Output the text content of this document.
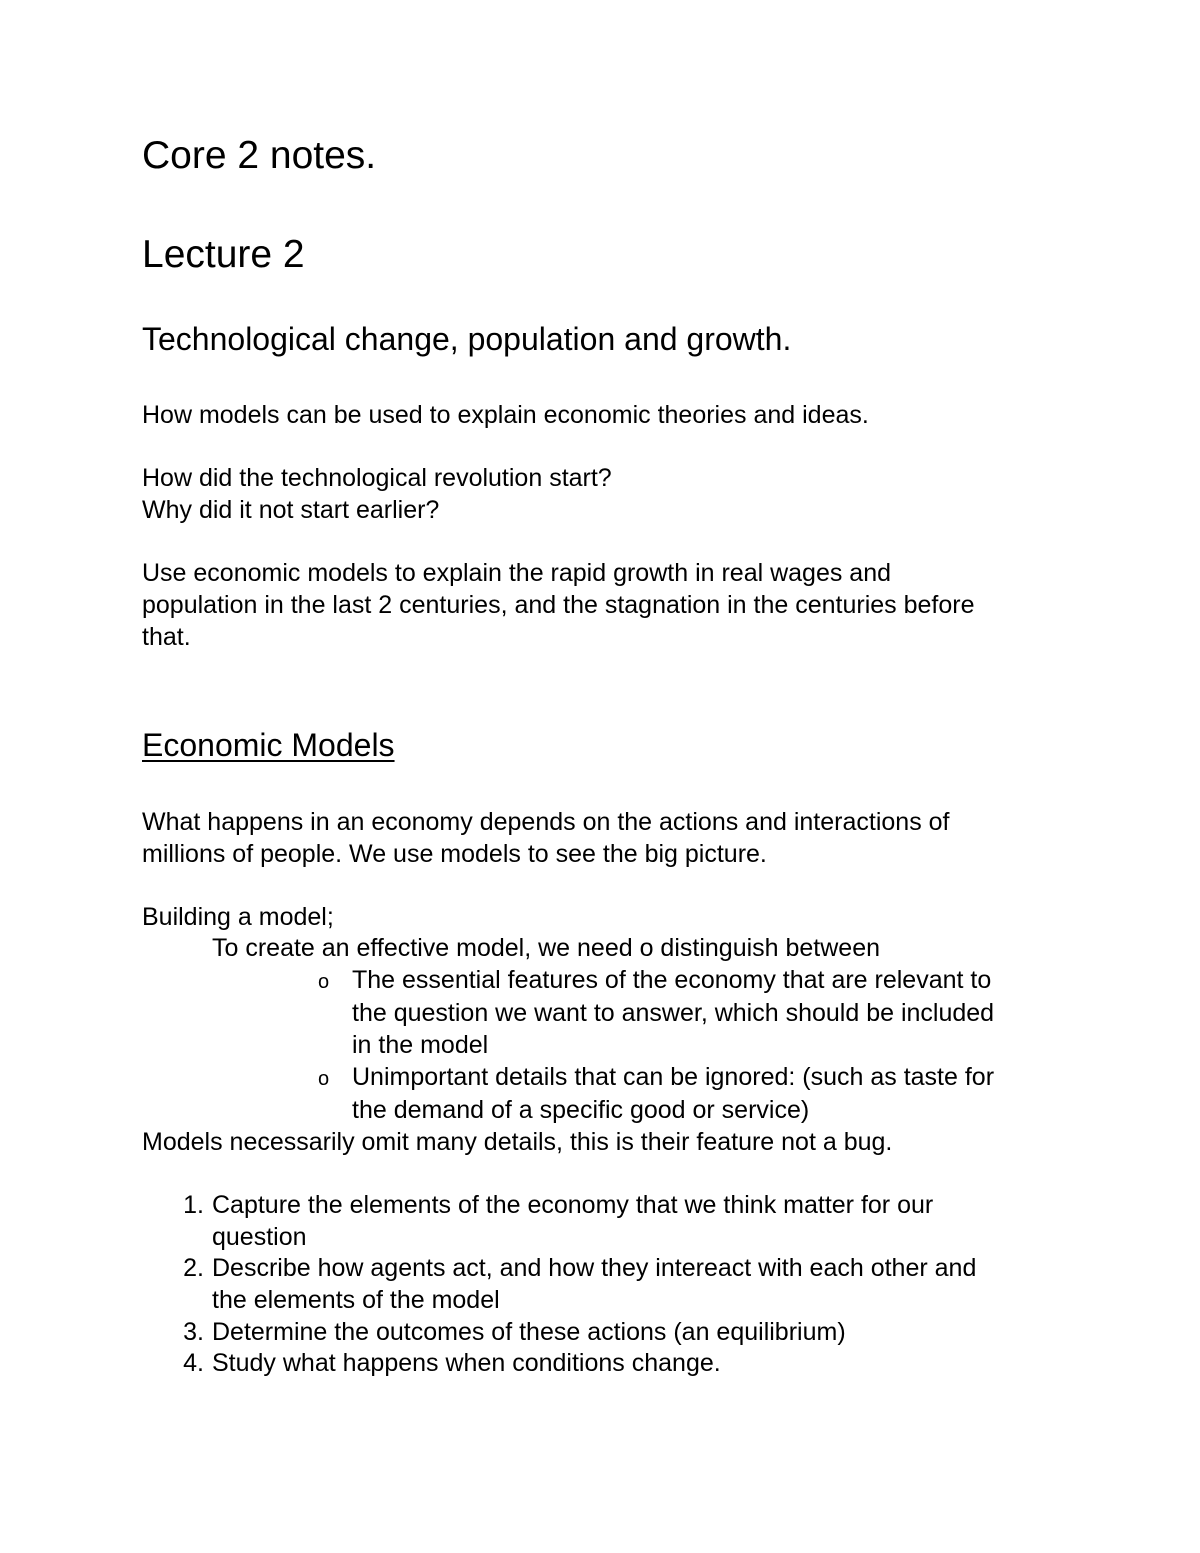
Core 2 notes.
Lecture 2
Technological change, population and growth.
How models can be used to explain economic theories and ideas.
How did the technological revolution start?
Why did it not start earlier?
Use economic models to explain the rapid growth in real wages and
population in the last 2 centuries, and the stagnation in the centuries before
that.
Economic Models
What happens in an economy depends on the actions and interactions of
millions of people. We use models to see the big picture.
Building a model;
To create an effective model, we need o distinguish between
o The essential features of the economy that are relevant to
the question we want to answer, which should be included
in the model
o Unimportant details that can be ignored: (such as taste for
the demand of a specific good or service)
Models necessarily omit many details, this is their feature not a bug.
1. Capture the elements of the economy that we think matter for our
question
2. Describe how agents act, and how they intereact with each other and
the elements of the model
3. Determine the outcomes of these actions (an equilibrium)
4. Study what happens when conditions change.
